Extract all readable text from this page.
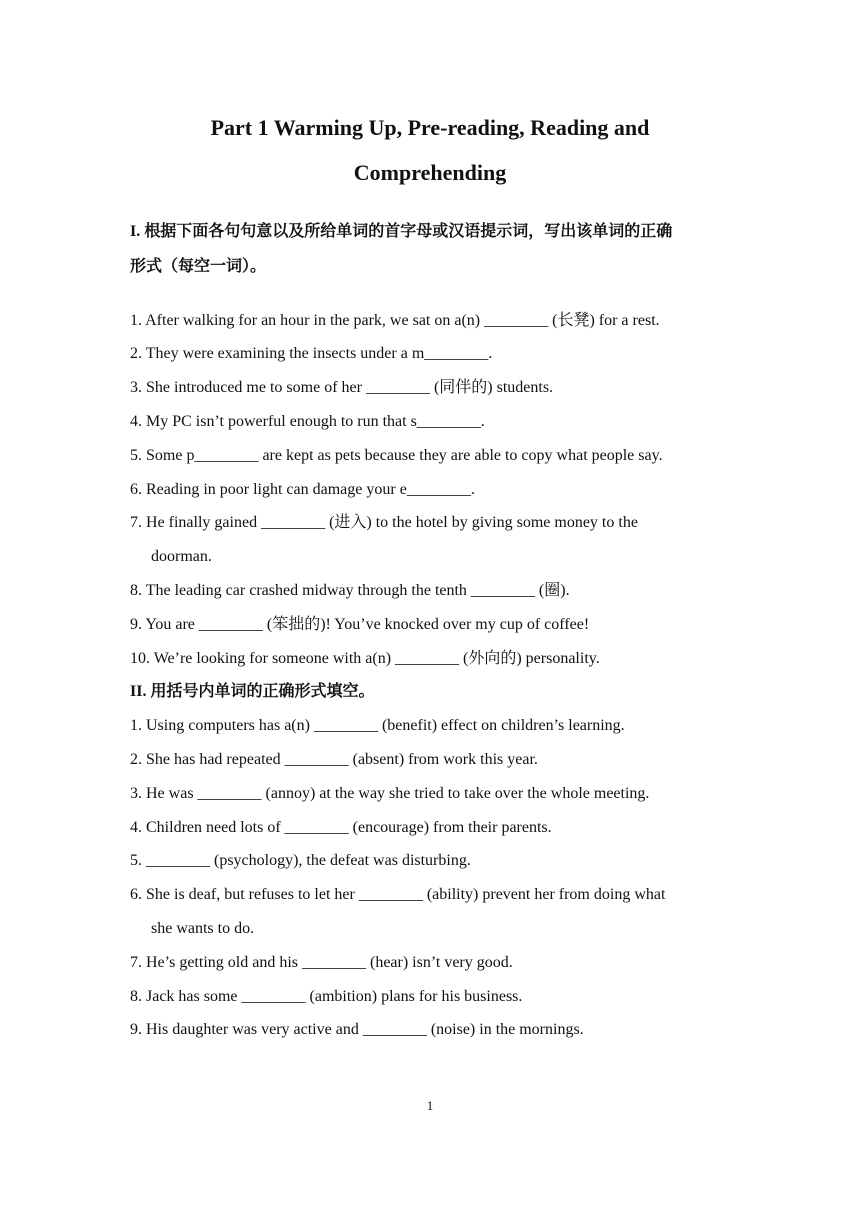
Part 1 Warming Up, Pre-reading, Reading and
Comprehending
I. 根据下面各句句意以及所给单词的首字母或汉语提示词，写出该单词的正确
形式（每空一词）。
1. After walking for an hour in the park, we sat on a(n) ________ (长凳) for a rest.
2. They were examining the insects under a m________.
3. She introduced me to some of her ________ (同伴的) students.
4. My PC isn’t powerful enough to run that s________.
5. Some p________ are kept as pets because they are able to copy what people say.
6. Reading in poor light can damage your e________.
7. He finally gained ________ (进入) to the hotel by giving some money to the
doorman.
8. The leading car crashed midway through the tenth ________ (圈).
9. You are ________ (笨拙的)! You’ve knocked over my cup of coffee!
10. We’re looking for someone with a(n) ________ (外向的) personality.
II. 用括号内单词的正确形式填空。
1. Using computers has a(n) ________ (benefit) effect on children’s learning.
2. She has had repeated ________ (absent) from work this year.
3. He was ________ (annoy) at the way she tried to take over the whole meeting.
4. Children need lots of ________ (encourage) from their parents.
5. ________ (psychology), the defeat was disturbing.
6. She is deaf, but refuses to let her ________ (ability) prevent her from doing what
she wants to do.
7. He’s getting old and his ________ (hear) isn’t very good.
8. Jack has some ________ (ambition) plans for his business.
9. His daughter was very active and ________ (noise) in the mornings.
1
